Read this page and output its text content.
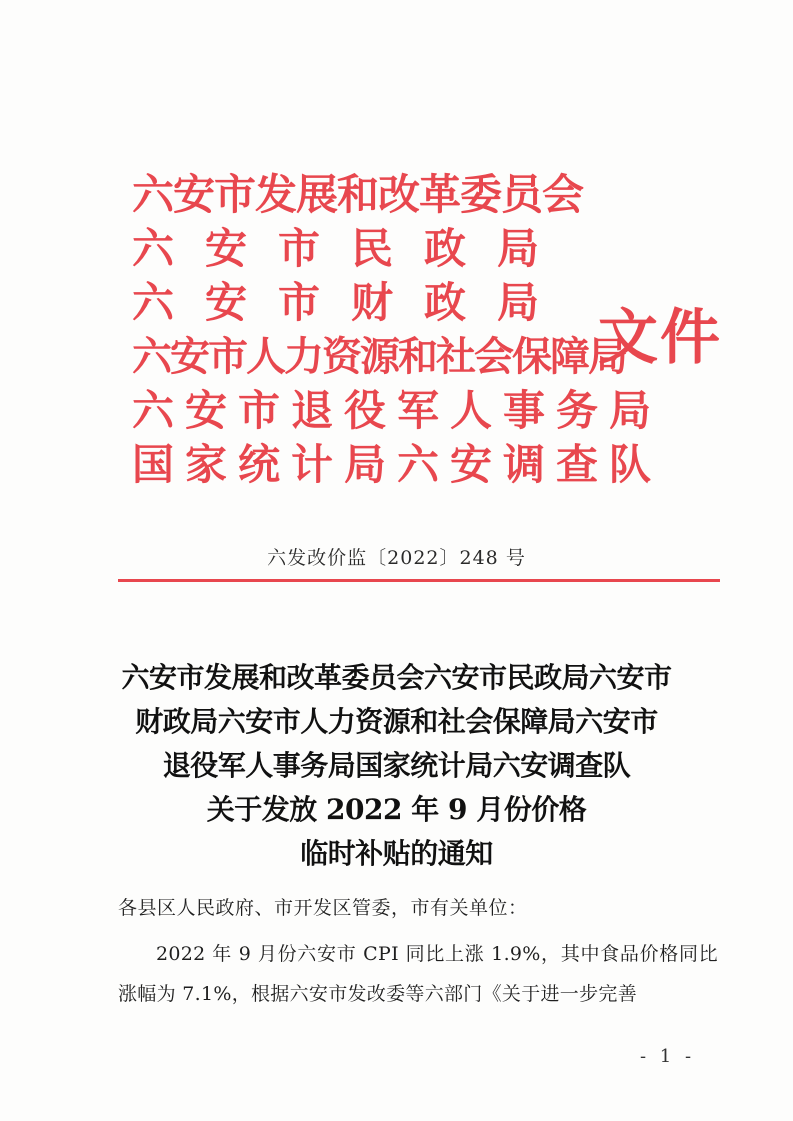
六安市发展和改革委员会
六安市民政局
六安市财政局
六安市人力资源和社会保障局
六安市退役军人事务局
国家统计局六安调查队
文件
六发改价监〔2022〕248 号
六安市发展和改革委员会六安市民政局六安市
财政局六安市人力资源和社会保障局六安市
退役军人事务局国家统计局六安调查队
关于发放 2022 年 9 月份价格
临时补贴的通知
各县区人民政府、市开发区管委，市有关单位：
2022 年 9 月份六安市 CPI 同比上涨 1.9%，其中食品价格同比涨幅为 7.1%，根据六安市发改委等六部门《关于进一步完善
- 1 -
